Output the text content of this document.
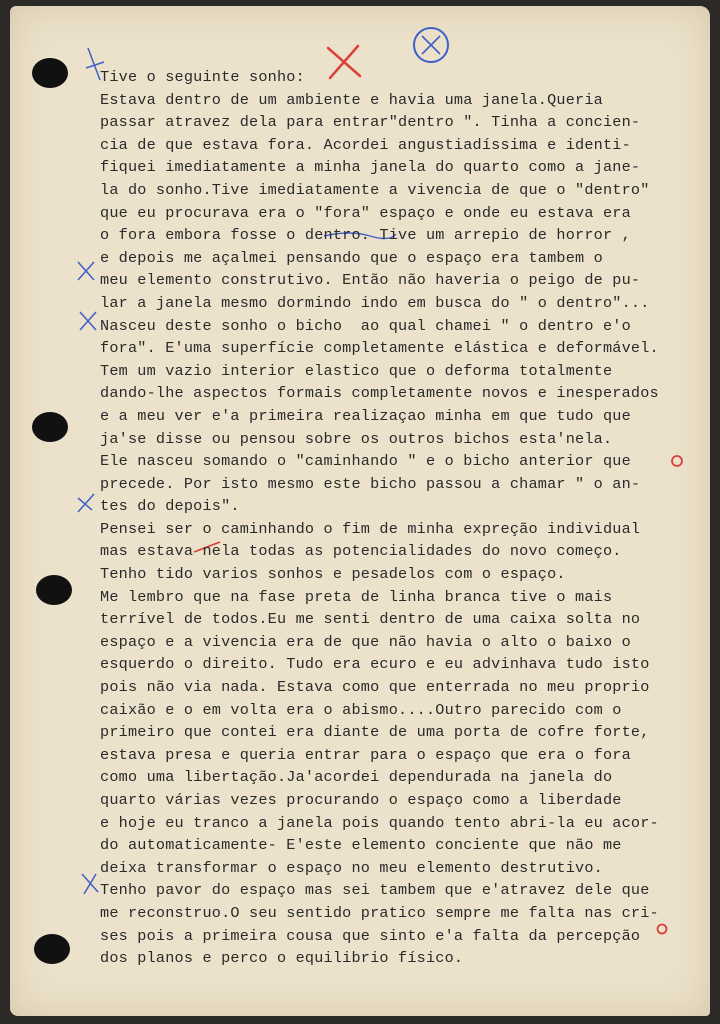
Tive o seguinte sonho:
Estava dentro de um ambiente e havia uma janela.Queria
passar atravez dela para entrar"dentro ". Tinha a concien-
cia de que estava fora. Acordei angustiadíssima e identi-
fiquei imediatamente a minha janela do quarto como a jane-
la do sonho.Tive imediatamente a vivencia de que o "dentro"
que eu procurava era o "fora" espaço e onde eu estava era
o fora embora fosse o dentro. Tive um arrepio de horror ,
e depois me açalmei pensando que o espaço era tambem o
meu elemento construtivo. Então não haveria o peigo de pu-
lar a janela mesmo dormindo indo em busca do " o dentro"...
Nasceu deste sonho o bicho  ao qual chamei " o dentro e'o
fora". E'uma superfície completamente elástica e deformável.
Tem um vazio interior elastico que o deforma totalmente
dando-lhe aspectos formais completamente novos e inesperados
e a meu ver e'a primeira realizaçao minha em que tudo que
ja'se disse ou pensou sobre os outros bichos esta'nela.
Ele nasceu somando o "caminhando " e o bicho anterior que
precede. Por isto mesmo este bicho passou a chamar " o an-
tes do depois".
Pensei ser o caminhando o fim de minha expreção individual
mas estava nela todas as potencialidades do novo começo.
Tenho tido varios sonhos e pesadelos com o espaço.
Me lembro que na fase preta de linha branca tive o mais
terrível de todos.Eu me senti dentro de uma caixa solta no
espaço e a vivencia era de que não havia o alto o baixo o
esquerdo o direito. Tudo era ecuro e eu advinhava tudo isto
pois não via nada. Estava como que enterrada no meu proprio
caixão e o em volta era o abismo....Outro parecido com o
primeiro que contei era diante de uma porta de cofre forte,
estava presa e queria entrar para o espaço que era o fora
como uma libertação.Ja'acordei dependurada na janela do
quarto várias vezes procurando o espaço como a liberdade
e hoje eu tranco a janela pois quando tento abri-la eu acor-
do automaticamente- E'este elemento conciente que não me
deixa transformar o espaço no meu elemento destrutivo.
Tenho pavor do espaço mas sei tambem que e'atravez dele que
me reconstruo.O seu sentido pratico sempre me falta nas cri-
ses pois a primeira cousa que sinto e'a falta da percepção
dos planos e perco o equilibrio físico.
